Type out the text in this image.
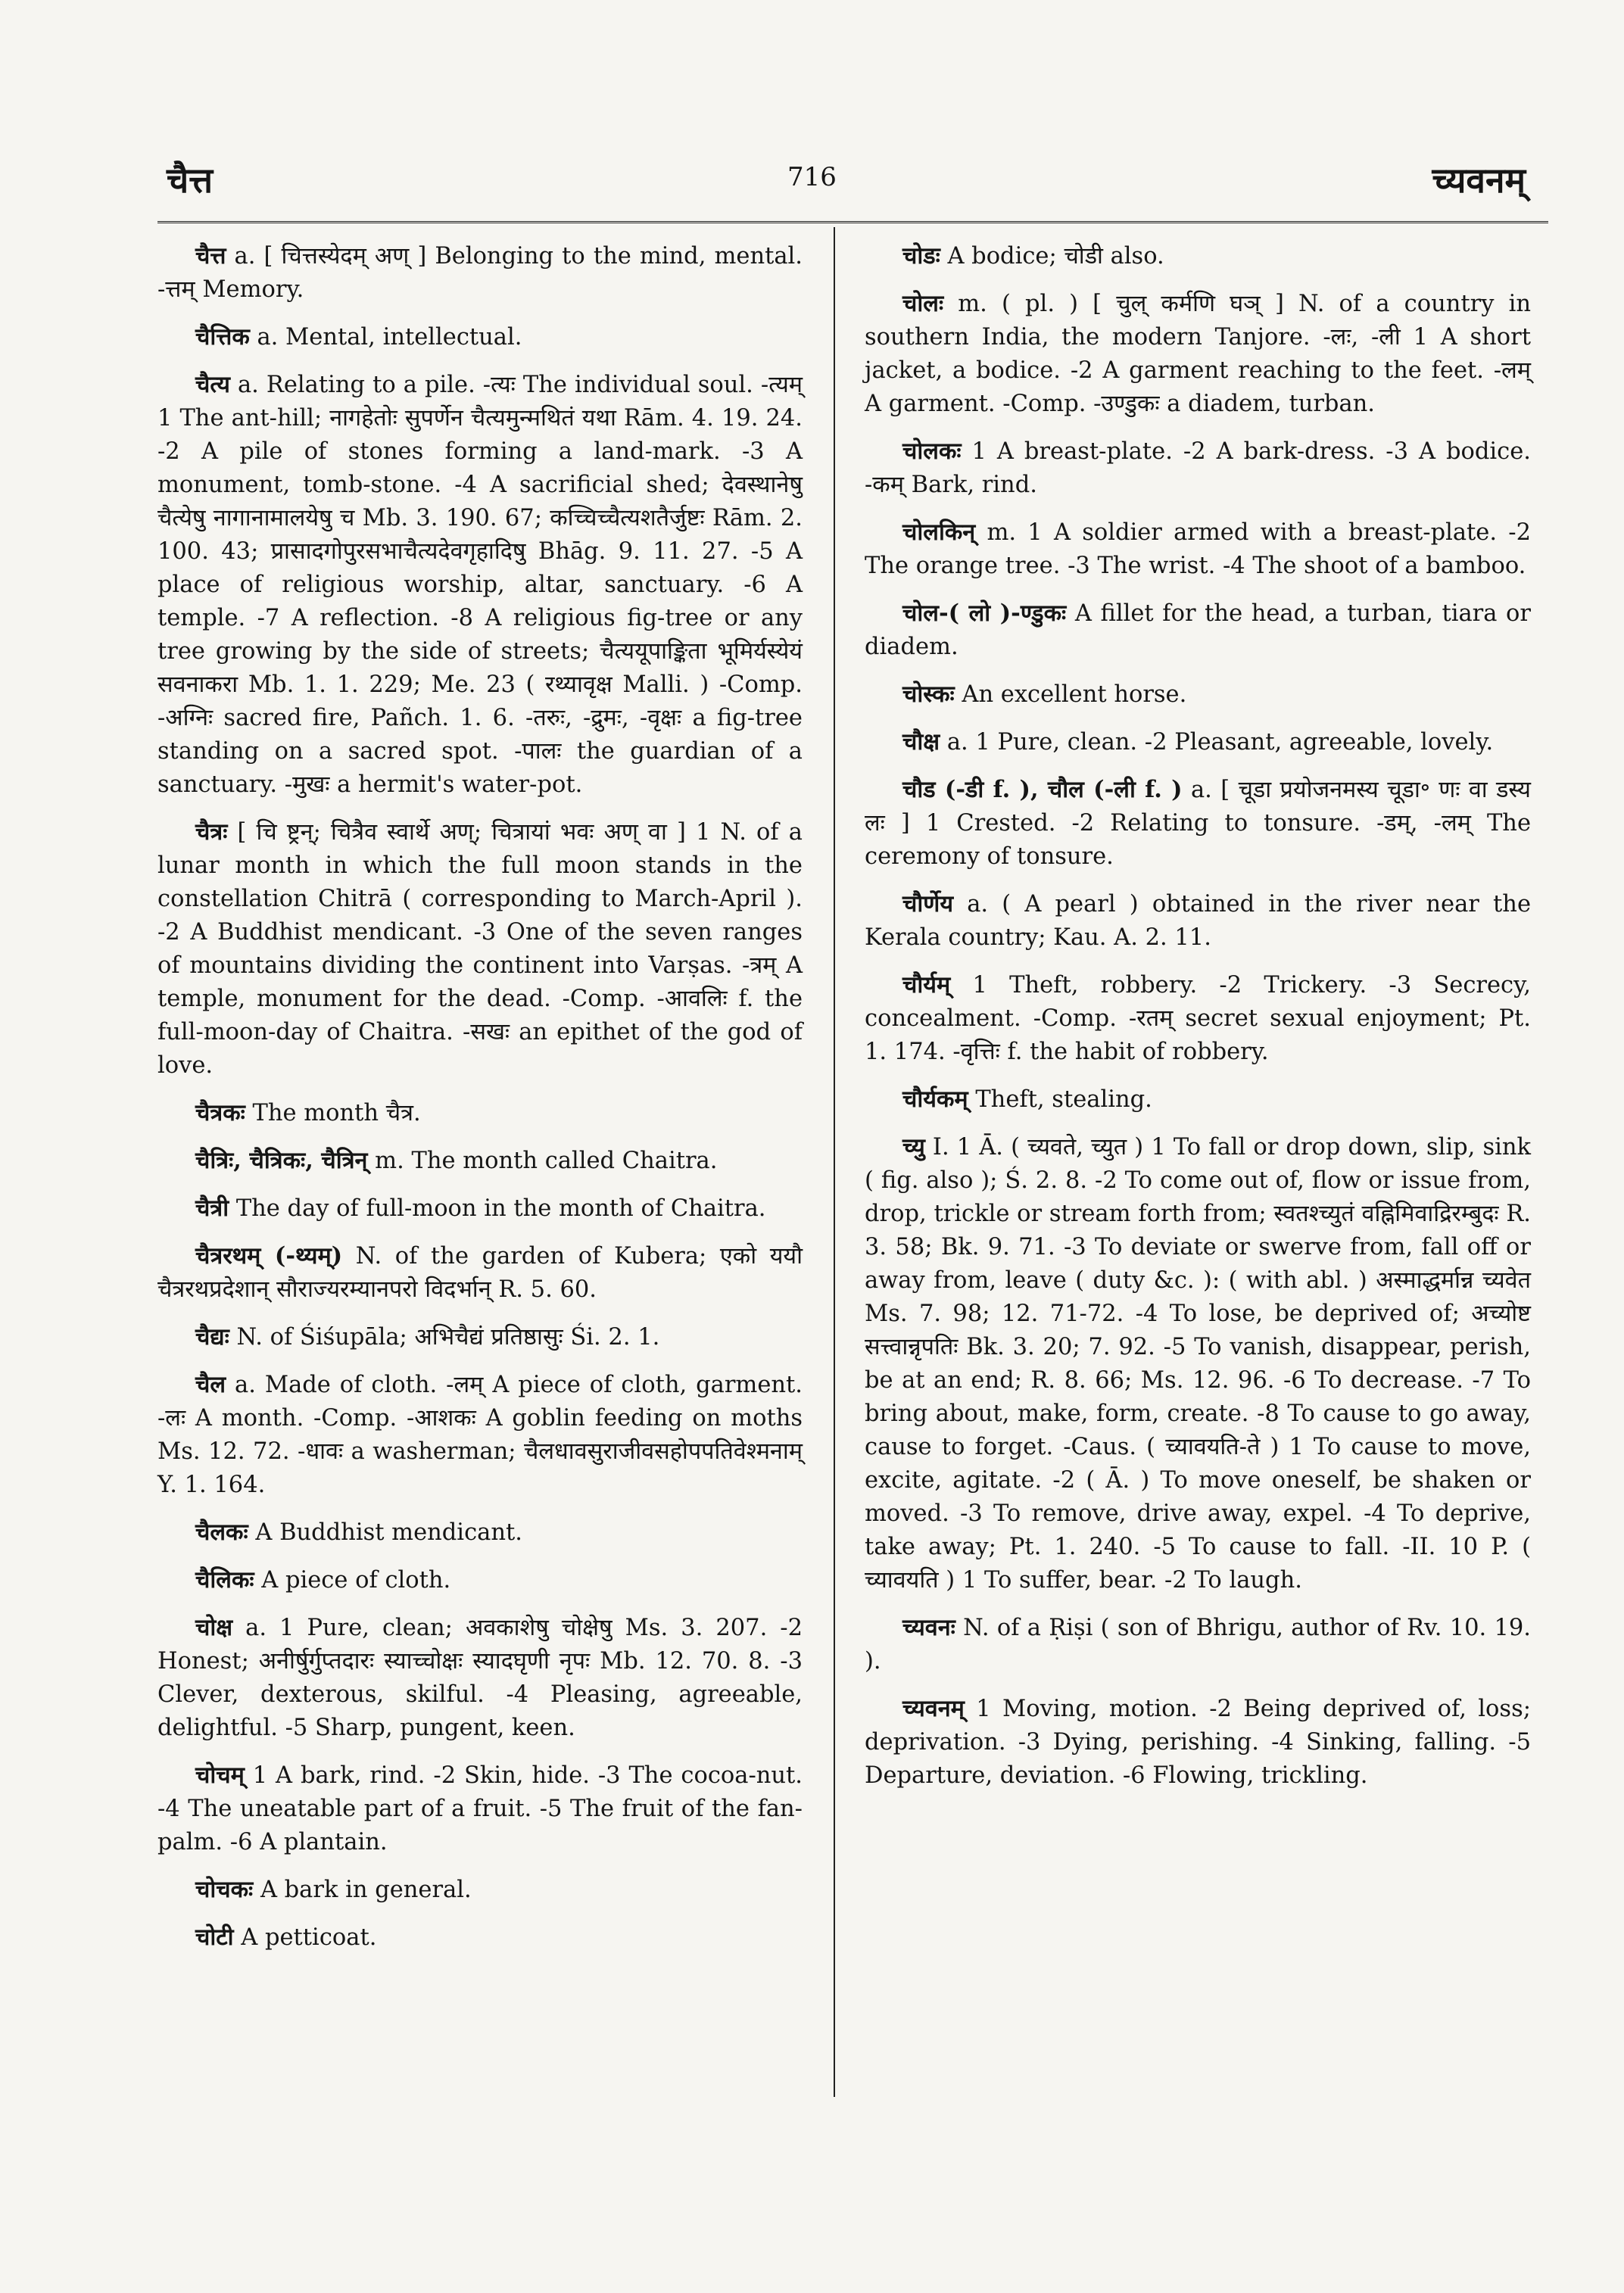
चैत्त	716	च्यवनम्

चैत्त a. [ चित्तस्येदम् अण् ] Belonging to the mind, mental. -त्तम् Memory.

चैत्तिक a. Mental, intellectual.

चैत्य a. Relating to a pile. -त्यः The individual soul. -त्यम् 1 The ant-hill; नागहेतोः सुपर्णेन चैत्यमुन्मथितं यथा Rām. 4. 19. 24. -2 A pile of stones forming a land-mark. -3 A monument, tomb-stone. -4 A sacrificial shed; देवस्थानेषु चैत्येषु नागानामालयेषु च Mb. 3. 190. 67; कच्चिच्चैत्यशतैर्जुष्टः Rām. 2. 100. 43; प्रासादगोपुरसभाचैत्यदेवगृहादिषु Bhāg. 9. 11. 27. -5 A place of religious worship, altar, sanctuary. -6 A temple. -7 A reflection. -8 A religious fig-tree or any tree growing by the side of streets; चैत्ययूपाङ्किता भूमिर्यस्येयं सवनाकरा Mb. 1. 1. 229; Me. 23 ( रथ्यावृक्ष Malli. ) -Comp. -अग्निः sacred fire, Pañch. 1. 6. -तरुः, -द्रुमः, -वृक्षः a fig-tree standing on a sacred spot. -पालः the guardian of a sanctuary. -मुखः a hermit's water-pot.

चैत्रः [ चि ष्ट्रन्; चित्रैव स्वार्थे अण्; चित्रायां भवः अण् वा ] 1 N. of a lunar month in which the full moon stands in the constellation Chitrā ( corresponding to March-April ). -2 A Buddhist mendicant. -3 One of the seven ranges of mountains dividing the continent into Varṣas. -त्रम् A temple, monument for the dead. -Comp. -आवलिः f. the full-moon-day of Chaitra. -सखः an epithet of the god of love.

चैत्रकः The month चैत्र.

चैत्रिः, चैत्रिकः, चैत्रिन् m. The month called Chaitra.

चैत्री The day of full-moon in the month of Chaitra.

चैत्ररथम् (-थ्यम्) N. of the garden of Kubera; एको ययौ चैत्ररथप्रदेशान् सौराज्यरम्यानपरो विदर्भान् R. 5. 60.

चैद्यः N. of Śiśupāla; अभिचैद्यं प्रतिष्ठासुः Śi. 2. 1.

चैल a. Made of cloth. -लम् A piece of cloth, garment. -लः A month. -Comp. -आशकः A goblin feeding on moths Ms. 12. 72. -धावः a washerman; चैलधावसुराजीवसहोपपतिवेश्मनाम् Y. 1. 164.

चैलकः A Buddhist mendicant.

चैलिकः A piece of cloth.

चोक्ष a. 1 Pure, clean; अवकाशेषु चोक्षेषु Ms. 3. 207. -2 Honest; अनीर्षुर्गुप्तदारः स्याच्चोक्षः स्यादघृणी नृपः Mb. 12. 70. 8. -3 Clever, dexterous, skilful. -4 Pleasing, agreeable, delightful. -5 Sharp, pungent, keen.

चोचम् 1 A bark, rind. -2 Skin, hide. -3 The cocoa-nut. -4 The uneatable part of a fruit. -5 The fruit of the fan-palm. -6 A plantain.

चोचकः A bark in general.

चोटी A petticoat.

चोडः A bodice; चोडी also.

चोलः m. ( pl. ) [ चुल् कर्मणि घञ् ] N. of a country in southern India, the modern Tanjore. -लः, -ली 1 A short jacket, a bodice. -2 A garment reaching to the feet. -लम् A garment. -Comp. -उण्डुकः a diadem, turban.

चोलकः 1 A breast-plate. -2 A bark-dress. -3 A bodice. -कम् Bark, rind.

चोलकिन् m. 1 A soldier armed with a breast-plate. -2 The orange tree. -3 The wrist. -4 The shoot of a bamboo.

चोल-( लो )-ण्डुकः A fillet for the head, a turban, tiara or diadem.

चोस्कः An excellent horse.

चौक्ष a. 1 Pure, clean. -2 Pleasant, agreeable, lovely.

चौड (-डी f. ), चौल (-ली f. ) a. [ चूडा प्रयोजनमस्य चूडा॰ णः वा डस्य लः ] 1 Crested. -2 Relating to tonsure. -डम्, -लम् The ceremony of tonsure.

चौर्णेय a. ( A pearl ) obtained in the river near the Kerala country; Kau. A. 2. 11.

चौर्यम् 1 Theft, robbery. -2 Trickery. -3 Secrecy, concealment. -Comp. -रतम् secret sexual enjoyment; Pt. 1. 174. -वृत्तिः f. the habit of robbery.

चौर्यकम् Theft, stealing.

च्यु I. 1 Ā. ( च्यवते, च्युत ) 1 To fall or drop down, slip, sink ( fig. also ); Ś. 2. 8. -2 To come out of, flow or issue from, drop, trickle or stream forth from; स्वतश्च्युतं वह्निमिवाद्रिरम्बुदः R. 3. 58; Bk. 9. 71. -3 To deviate or swerve from, fall off or away from, leave ( duty &c. ): ( with abl. ) अस्माद्धर्मान्न च्यवेत Ms. 7. 98; 12. 71-72. -4 To lose, be deprived of; अच्योष्ट सत्त्वान्नृपतिः Bk. 3. 20; 7. 92. -5 To vanish, disappear, perish, be at an end; R. 8. 66; Ms. 12. 96. -6 To decrease. -7 To bring about, make, form, create. -8 To cause to go away, cause to forget. -Caus. ( च्यावयति-ते ) 1 To cause to move, excite, agitate. -2 ( Ā. ) To move oneself, be shaken or moved. -3 To remove, drive away, expel. -4 To deprive, take away; Pt. 1. 240. -5 To cause to fall. -II. 10 P. ( च्यावयति ) 1 To suffer, bear. -2 To laugh.

च्यवनः N. of a Ṛiṣi ( son of Bhrigu, author of Rv. 10. 19. ).

च्यवनम् 1 Moving, motion. -2 Being deprived of, loss; deprivation. -3 Dying, perishing. -4 Sinking, falling. -5 Departure, deviation. -6 Flowing, trickling.
